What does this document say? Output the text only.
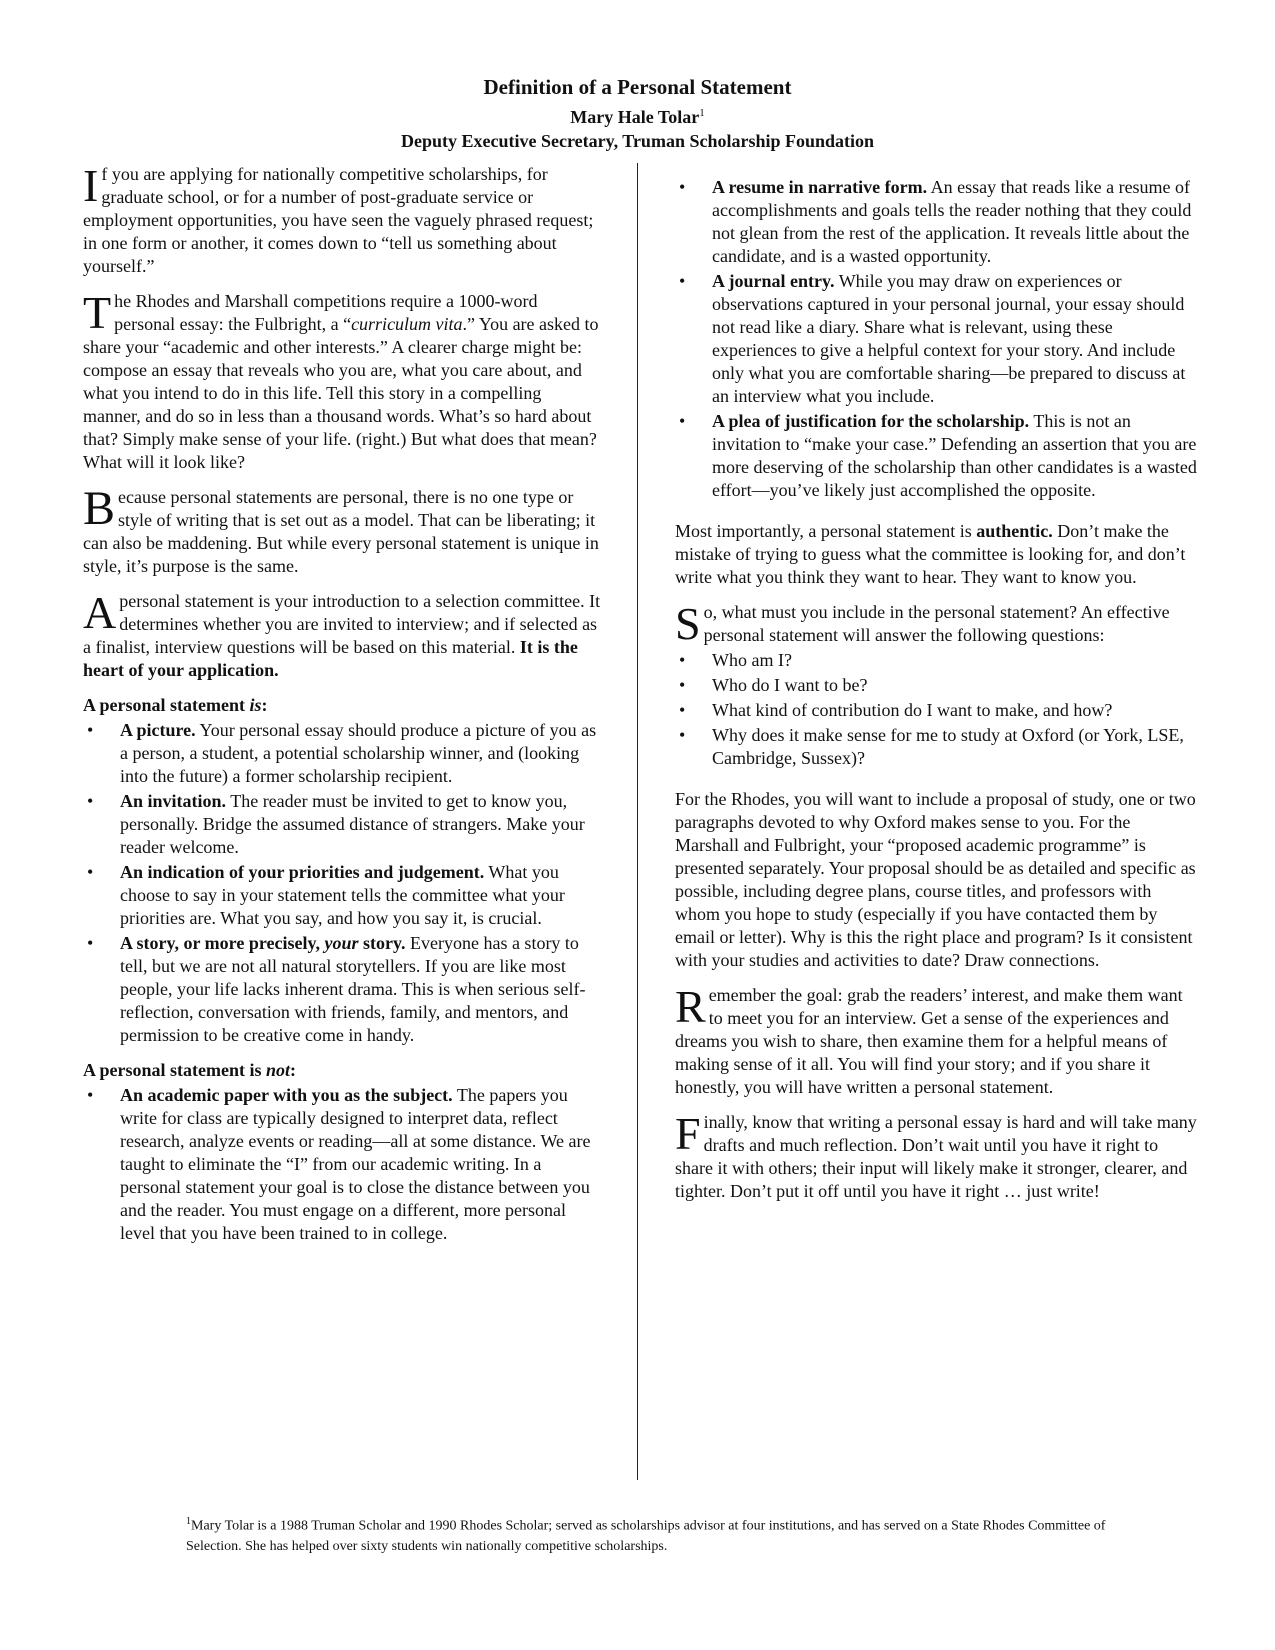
Definition of a Personal Statement
Mary Hale Tolar$^1$
Deputy Executive Secretary, Truman Scholarship Foundation

If you are applying for nationally competitive scholarships, for graduate school, or for a number of post-graduate service or employment opportunities, you have seen the vaguely phrased request; in one form or another, it comes down to “tell us something about yourself.”

The Rhodes and Marshall competitions require a 1000-word personal essay: the Fulbright, a “curriculum vita.” You are asked to share your “academic and other interests.” A clearer charge might be: compose an essay that reveals who you are, what you care about, and what you intend to do in this life. Tell this story in a compelling manner, and do so in less than a thousand words. What’s so hard about that? Simply make sense of your life. (right.) But what does that mean? What will it look like?

Because personal statements are personal, there is no one type or style of writing that is set out as a model. That can be liberating; it can also be maddening. But while every personal statement is unique in style, it’s purpose is the same.

A personal statement is your introduction to a selection committee. It determines whether you are invited to interview; and if selected as a finalist, interview questions will be based on this material. It is the heart of your application.

A personal statement is:
• A picture. Your personal essay should produce a picture of you as a person, a student, a potential scholarship winner, and (looking into the future) a former scholarship recipient.
• An invitation. The reader must be invited to get to know you, personally. Bridge the assumed distance of strangers. Make your reader welcome.
• An indication of your priorities and judgement. What you choose to say in your statement tells the committee what your priorities are. What you say, and how you say it, is crucial.
• A story, or more precisely, your story. Everyone has a story to tell, but we are not all natural storytellers. If you are like most people, your life lacks inherent drama. This is when serious self-reflection, conversation with friends, family, and mentors, and permission to be creative come in handy.
A personal statement is not:
• An academic paper with you as the subject. The papers you write for class are typically designed to interpret data, reflect research, analyze events or reading—all at some distance. We are taught to eliminate the “I” from our academic writing. In a personal statement your goal is to close the distance between you and the reader. You must engage on a different, more personal level that you have been trained to in college.
• A resume in narrative form. An essay that reads like a resume of accomplishments and goals tells the reader nothing that they could not glean from the rest of the application. It reveals little about the candidate, and is a wasted opportunity.
• A journal entry. While you may draw on experiences or observations captured in your personal journal, your essay should not read like a diary. Share what is relevant, using these experiences to give a helpful context for your story. And include only what you are comfortable sharing—be prepared to discuss at an interview what you include.
• A plea of justification for the scholarship. This is not an invitation to “make your case.” Defending an assertion that you are more deserving of the scholarship than other candidates is a wasted effort—you’ve likely just accomplished the opposite.

Most importantly, a personal statement is authentic. Don’t make the mistake of trying to guess what the committee is looking for, and don’t write what you think they want to hear. They want to know you.

So, what must you include in the personal statement? An effective personal statement will answer the following questions:

• Who am I?
• Who do I want to be?
• What kind of contribution do I want to make, and how?
• Why does it make sense for me to study at Oxford (or York, LSE, Cambridge, Sussex)?

For the Rhodes, you will want to include a proposal of study, one or two paragraphs devoted to why Oxford makes sense to you. For the Marshall and Fulbright, your “proposed academic programme” is presented separately. Your proposal should be as detailed and specific as possible, including degree plans, course titles, and professors with whom you hope to study (especially if you have contacted them by email or letter). Why is this the right place and program? Is it consistent with your studies and activities to date? Draw connections.

Remember the goal: grab the readers’ interest, and make them want to meet you for an interview. Get a sense of the experiences and dreams you wish to share, then examine them for a helpful means of making sense of it all. You will find your story; and if you share it honestly, you will have written a personal statement.

Finally, know that writing a personal essay is hard and will take many drafts and much reflection. Don’t wait until you have it right to share it with others; their input will likely make it stronger, clearer, and tighter. Don’t put it off until you have it right … just write!

$^1$Mary Tolar is a 1988 Truman Scholar and 1990 Rhodes Scholar; served as scholarships advisor at four institutions, and has served on a State Rhodes Committee of Selection. She has helped over sixty students win nationally competitive scholarships.
